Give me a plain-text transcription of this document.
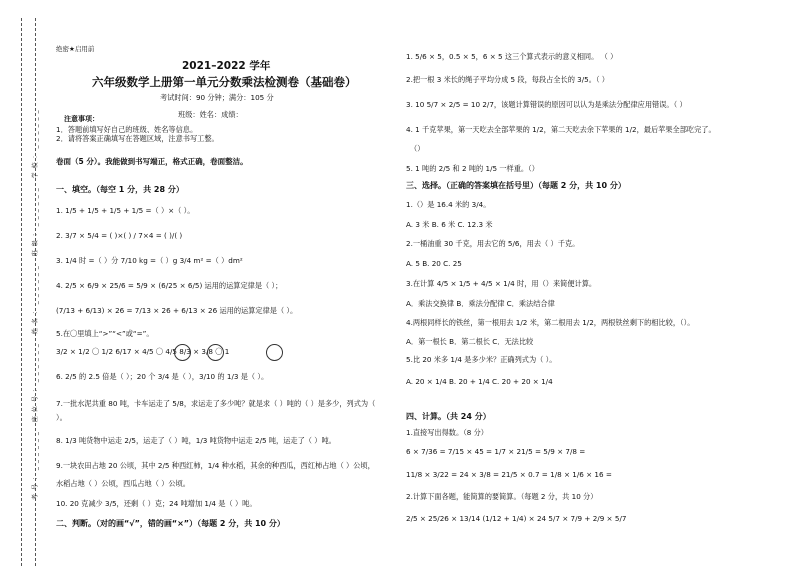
考号：______ 座位号：______ 姓名：______ 班级：______ 学校：______
绝密★启用前
2021–2022 学年
六年级数学上册第一单元分数乘法检测卷（基础卷）
考试时间：90 分钟；满分：105 分
班级：姓名：成绩：
注意事项：
1．答题前填写好自己的班级、姓名等信息。
2．请将答案正确填写在答题区域，注意书写工整。
卷面（5 分）。我能做到书写端正，格式正确，卷面整洁。
一、填空。（每空 1 分，共 28 分）
1. 1/5 + 1/5 + 1/5 + 1/5 =（ ）×（ ）。
2. 3/7 × 5/4 = ( )×( ) / 7×4 = ( )/( )
3. 1/4 时 =（ ）分 7/10 kg =（ ）g 3/4 m² =（ ）dm²
4. 2/5 × 6/9 × 25/6 = 5/9 × (6/25 × 6/5) 运用的运算定律是（ ）；
(7/13 + 6/13) × 26 = 7/13 × 26 + 6/13 × 26 运用的运算定律是（ ）。
5.在〇里填上“>”“<”或“=”。
3/2 × 1/2 〇 1/2 6/17 × 4/5 〇 4/5 8/3 × 3/8 〇 1
6. 2/5 的 2.5 倍是（ ）；20 个 3/4 是（ ），3/10 的 1/3 是（ ）。
7.一批水泥共重 80 吨，卡车运走了 5/8，求运走了多少吨？就是求（ ）吨的（ ）是多少，列式为（ ）。
8. 1/3 吨货物中运走 2/5，运走了（ ）吨，1/3 吨货物中运走 2/5 吨，运走了（ ）吨。
9.一块农田占地 20 公顷，其中 2/5 种西红柿，1/4 种水稻，其余的种西瓜，西红柿占地（ ）公顷，
水稻占地（ ）公顷，西瓜占地（ ）公顷。
10. 20 克减少 3/5，还剩（ ）克；24 吨增加 1/4 是（ ）吨。
二、判断。（对的画“√”，错的画“×”）（每题 2 分，共 10 分）
1. 5/6 × 5，0.5 × 5，6 × 5 这三个算式表示的意义相同。 （ ）
2.把一根 3 米长的绳子平均分成 5 段，每段占全长的 3/5。（ ）
3. 10 5/7 × 2/5 = 10 2/7，该题计算错误的原因可以认为是乘法分配律应用错误。（ ）
4. 1 千克苹果，第一天吃去全部苹果的 1/2，第二天吃去余下苹果的 1/2，最后苹果全部吃完了。
（）
5. 1 吨的 2/5 和 2 吨的 1/5 一样重。（）
三、选择。（正确的答案填在括号里）（每题 2 分，共 10 分）
1.（）是 16.4 米的 3/4。
A. 3 米 B. 6 米 C. 12.3 米
2.一桶油重 30 千克，用去它的 5/6，用去（ ）千克。
A. 5 B. 20 C. 25
3.在计算 4/5 × 1/5 + 4/5 × 1/4 时，用（）来简便计算。
A．乘法交换律 B．乘法分配律 C．乘法结合律
4.两根同样长的铁丝，第一根用去 1/2 米，第二根用去 1/2，两根铁丝剩下的相比较，（）。
A．第一根长 B．第二根长 C．无法比较
5.比 20 米多 1/4 是多少米？正确列式为（ ）。
A. 20 × 1/4 B. 20 + 1/4 C. 20 + 20 × 1/4
四、计算。（共 24 分）
1.直接写出得数。（8 分）
6 × 7/36 = 7/15 × 45 = 1/7 × 21/5 = 5/9 × 7/8 =
11/8 × 3/22 = 24 × 3/8 = 21/5 × 0.7 = 1/8 × 1/6 × 16 =
2.计算下面各题，能简算的要简算。（每题 2 分，共 10 分）
2/5 × 25/26 × 13/14 (1/12 + 1/4) × 24 5/7 × 7/9 + 2/9 × 5/7
